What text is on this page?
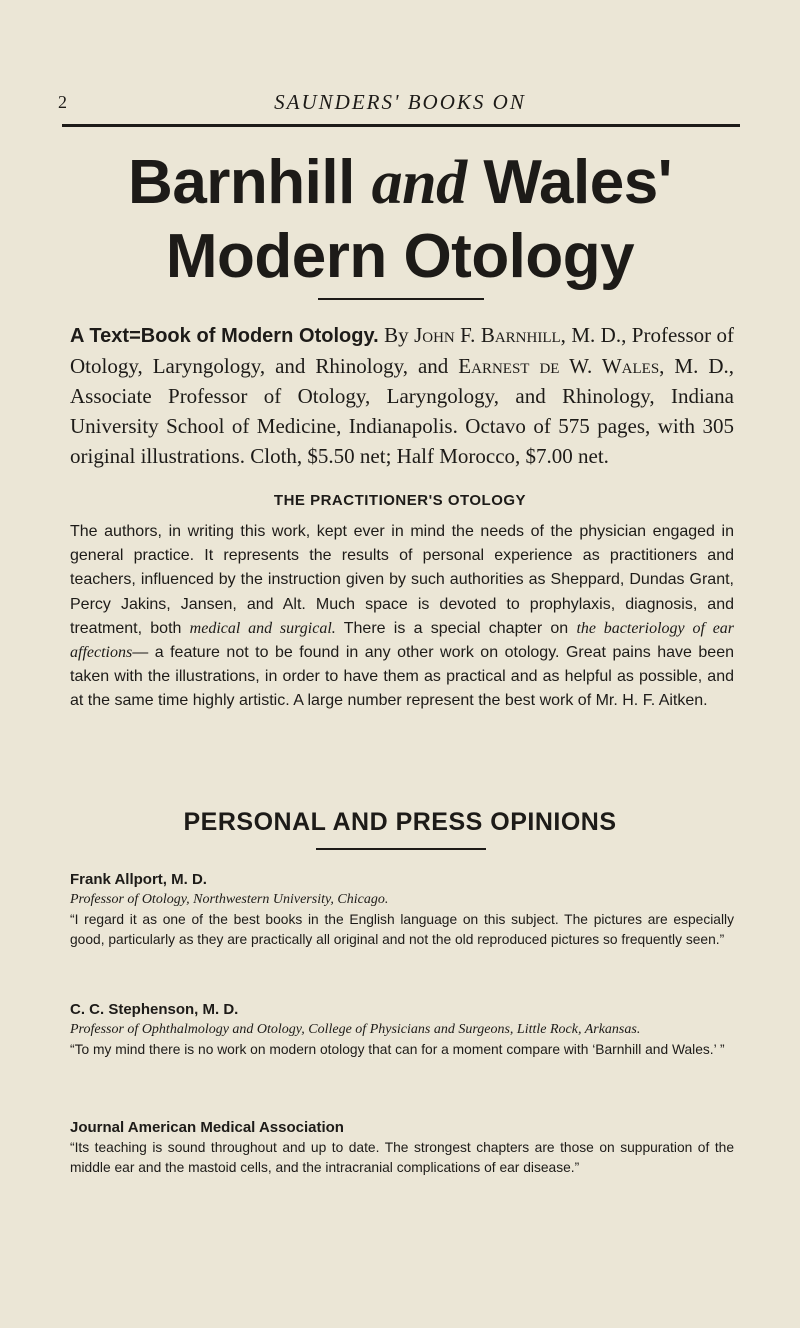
2	SAUNDERS' BOOKS ON
Barnhill and Wales'
Modern Otology
A Text=Book of Modern Otology. By John F. Barnhill, M. D., Professor of Otology, Laryngology, and Rhinology, and Earnest de W. Wales, M. D., Associate Professor of Otology, Laryngology, and Rhinology, Indiana University School of Medicine, Indianapolis. Octavo of 575 pages, with 305 original illustrations. Cloth, $5.50 net; Half Morocco, $7.00 net.
THE PRACTITIONER'S OTOLOGY
The authors, in writing this work, kept ever in mind the needs of the physician engaged in general practice. It represents the results of personal experience as practitioners and teachers, influenced by the instruction given by such authorities as Sheppard, Dundas Grant, Percy Jakins, Jansen, and Alt. Much space is devoted to prophylaxis, diagnosis, and treatment, both medical and surgical. There is a special chapter on the bacteriology of ear affections— a feature not to be found in any other work on otology. Great pains have been taken with the illustrations, in order to have them as practical and as helpful as possible, and at the same time highly artistic. A large number represent the best work of Mr. H. F. Aitken.
PERSONAL AND PRESS OPINIONS
Frank Allport, M. D.
Professor of Otology, Northwestern University, Chicago.
“I regard it as one of the best books in the English language on this subject. The pictures are especially good, particularly as they are practically all original and not the old reproduced pictures so frequently seen.”
C. C. Stephenson, M. D.
Professor of Ophthalmology and Otology, College of Physicians and Surgeons, Little Rock, Arkansas.
“To my mind there is no work on modern otology that can for a moment compare with ‘Barnhill and Wales.’ ”
Journal American Medical Association
“Its teaching is sound throughout and up to date. The strongest chapters are those on suppuration of the middle ear and the mastoid cells, and the intracranial complications of ear disease.”
